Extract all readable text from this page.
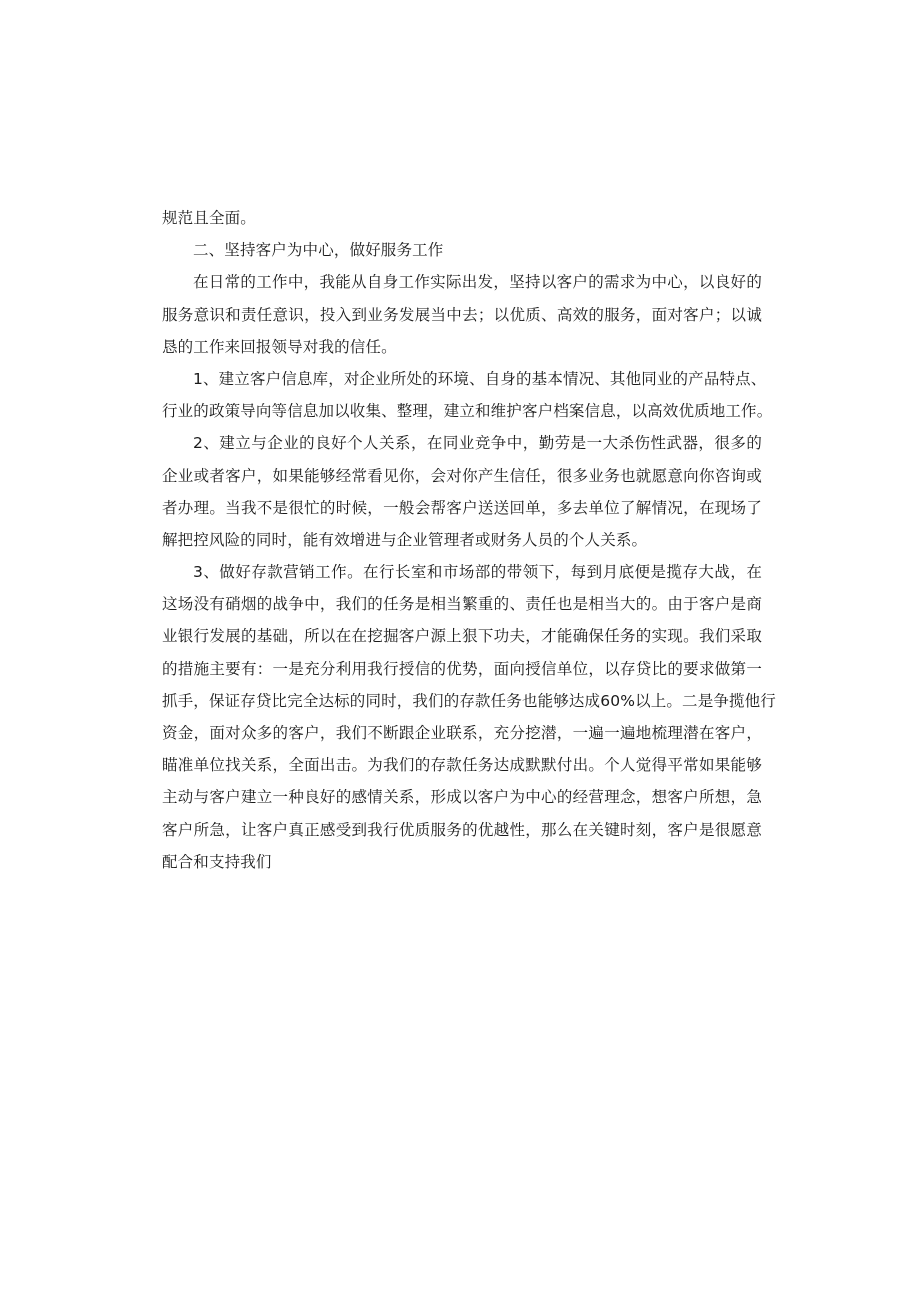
规范且全面。
二、坚持客户为中心，做好服务工作
在日常的工作中，我能从自身工作实际出发，坚持以客户的需求为中心，以良好的
服务意识和责任意识，投入到业务发展当中去；以优质、高效的服务，面对客户；以诚
恳的工作来回报领导对我的信任。
1、建立客户信息库，对企业所处的环境、自身的基本情况、其他同业的产品特点、
行业的政策导向等信息加以收集、整理，建立和维护客户档案信息，以高效优质地工作。
2、建立与企业的良好个人关系，在同业竞争中，勤劳是一大杀伤性武器，很多的
企业或者客户，如果能够经常看见你，会对你产生信任，很多业务也就愿意向你咨询或
者办理。当我不是很忙的时候，一般会帮客户送送回单，多去单位了解情况，在现场了
解把控风险的同时，能有效增进与企业管理者或财务人员的个人关系。
3、做好存款营销工作。在行长室和市场部的带领下，每到月底便是揽存大战，在
这场没有硝烟的战争中，我们的任务是相当繁重的、责任也是相当大的。由于客户是商
业银行发展的基础，所以在在挖掘客户源上狠下功夫，才能确保任务的实现。我们采取
的措施主要有：一是充分利用我行授信的优势，面向授信单位，以存贷比的要求做第一
抓手，保证存贷比完全达标的同时，我们的存款任务也能够达成60%以上。二是争揽他行
资金，面对众多的客户，我们不断跟企业联系，充分挖潜，一遍一遍地梳理潜在客户，
瞄准单位找关系，全面出击。为我们的存款任务达成默默付出。个人觉得平常如果能够
主动与客户建立一种良好的感情关系，形成以客户为中心的经营理念，想客户所想，急
客户所急，让客户真正感受到我行优质服务的优越性，那么在关键时刻，客户是很愿意
配合和支持我们
